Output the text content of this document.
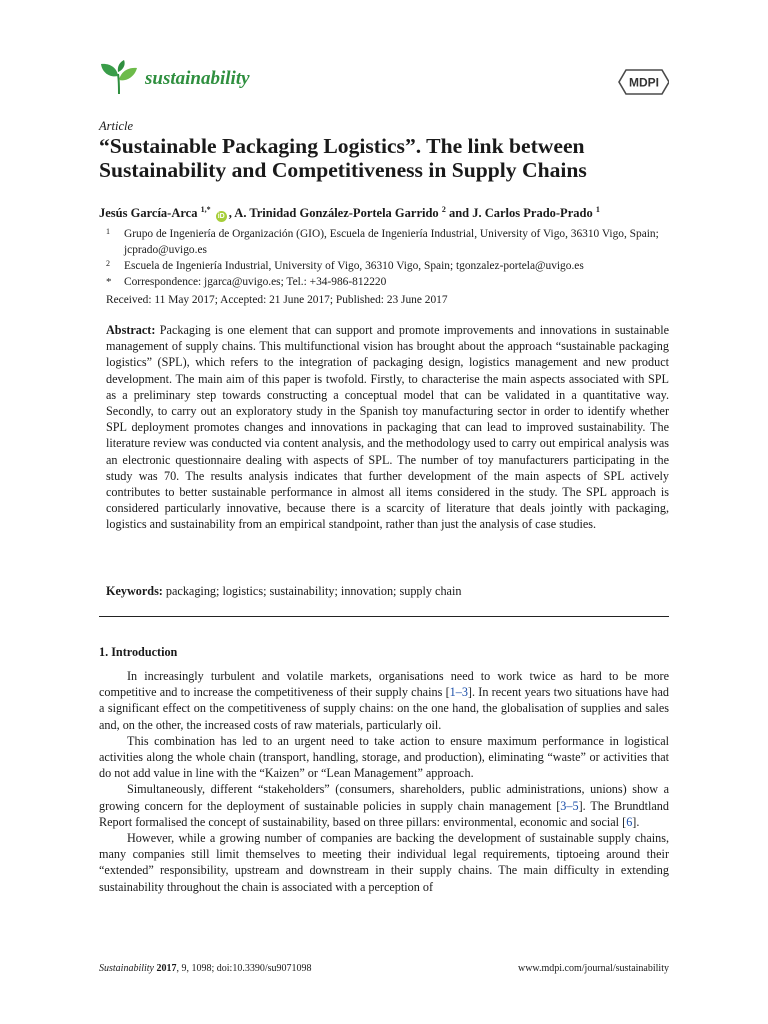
sustainability	MDPI
Article
“Sustainable Packaging Logistics”. The link between
Sustainability and Competitiveness in Supply Chains
Jesús García-Arca $^{1,*}$ iD , A. Trinidad González-Portela Garrido $^2$ and J. Carlos Prado-Prado $^1$
1 Grupo de Ingeniería de Organización (GIO), Escuela de Ingeniería Industrial, University of Vigo, 36310 Vigo, Spain; jcprado@uvigo.es
2 Escuela de Ingeniería Industrial, University of Vigo, 36310 Vigo, Spain; tgonzalez-portela@uvigo.es
* Correspondence: jgarca@uvigo.es; Tel.: +34-986-812220
Received: 11 May 2017; Accepted: 21 June 2017; Published: 23 June 2017

Abstract: Packaging is one element that can support and promote improvements and innovations in sustainable management of supply chains. This multifunctional vision has brought about the approach “sustainable packaging logistics” (SPL), which refers to the integration of packaging design, logistics management and new product development. The main aim of this paper is twofold. Firstly, to characterise the main aspects associated with SPL as a preliminary step towards constructing a conceptual model that can be validated in a quantitative way. Secondly, to carry out an exploratory study in the Spanish toy manufacturing sector in order to identify whether SPL deployment promotes changes and innovations in packaging that can lead to improved sustainability. The literature review was conducted via content analysis, and the methodology used to carry out empirical analysis was an electronic questionnaire dealing with aspects of SPL. The number of toy manufacturers participating in the study was 70. The results analysis indicates that further development of the main aspects of SPL actively contributes to better sustainable performance in almost all items considered in the study. The SPL approach is considered particularly innovative, because there is a scarcity of literature that deals jointly with packaging, logistics and sustainability from an empirical standpoint, rather than just the analysis of case studies.

Keywords: packaging; logistics; sustainability; innovation; supply chain
1. Introduction

In increasingly turbulent and volatile markets, organisations need to work twice as hard to be more competitive and to increase the competitiveness of their supply chains [1–3]. In recent years two situations have had a significant effect on the competitiveness of supply chains: on the one hand, the globalisation of supplies and sales and, on the other, the increased costs of raw materials, particularly oil.

This combination has led to an urgent need to take action to ensure maximum performance in logistical activities along the whole chain (transport, handling, storage, and production), eliminating “waste” or activities that do not add value in line with the “Kaizen” or “Lean Management” approach.

Simultaneously, different “stakeholders” (consumers, shareholders, public administrations, unions) show a growing concern for the deployment of sustainable policies in supply chain management [3–5]. The Brundtland Report formalised the concept of sustainability, based on three pillars: environmental, economic and social [6].

However, while a growing number of companies are backing the development of sustainable supply chains, many companies still limit themselves to meeting their individual legal requirements, tiptoeing around their “extended” responsibility, upstream and downstream in their supply chains. The main difficulty in extending sustainability throughout the chain is associated with a perception of

Sustainability 2017, 9, 1098; doi:10.3390/su9071098	www.mdpi.com/journal/sustainability
